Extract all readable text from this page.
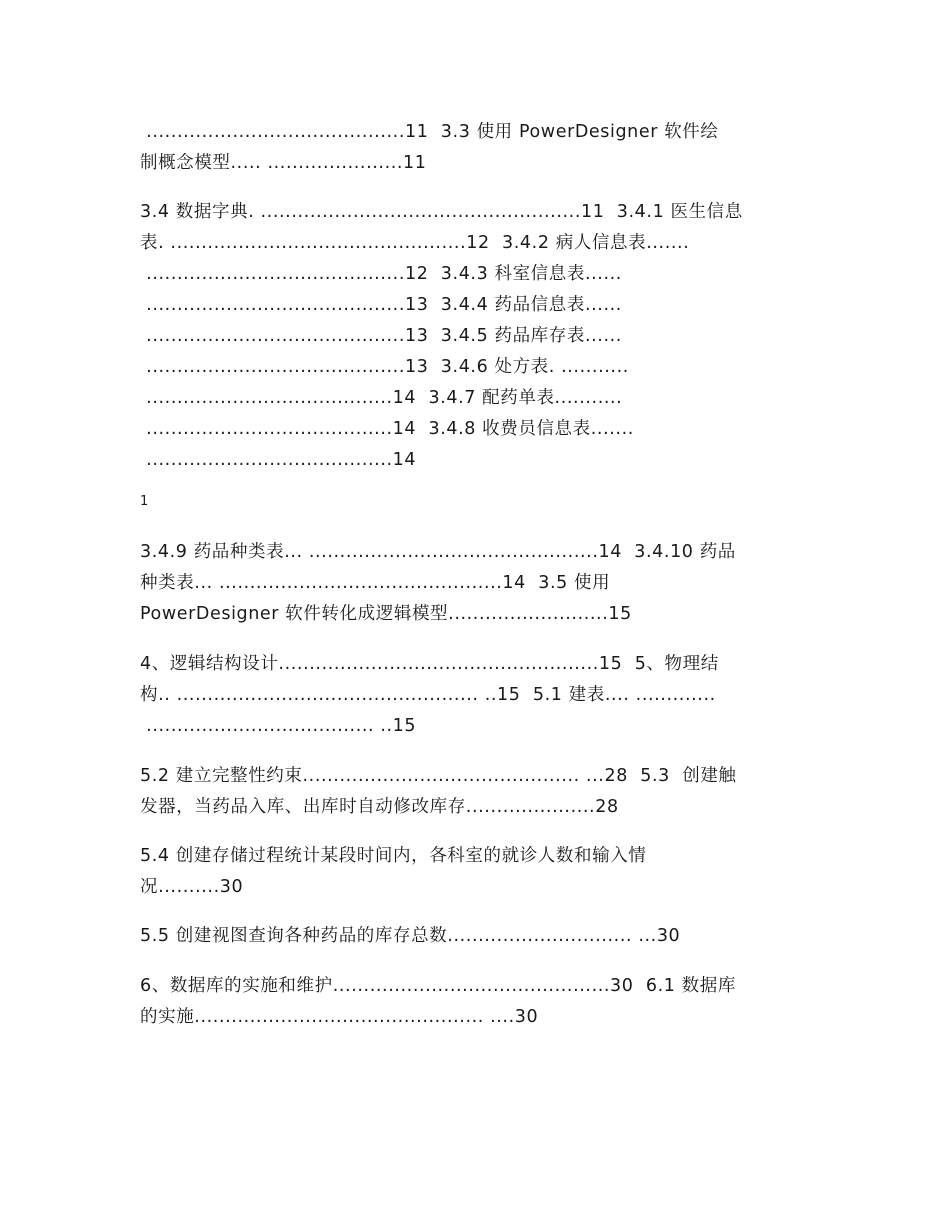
..........................................11  3.3 使用 PowerDesigner 软件绘
制概念模型..... ......................11
3.4 数据字典. ....................................................11  3.4.1 医生信息
表. ................................................12  3.4.2 病人信息表.......
..........................................12  3.4.3 科室信息表......
..........................................13  3.4.4 药品信息表......
..........................................13  3.4.5 药品库存表......
..........................................13  3.4.6 处方表. ...........
........................................14  3.4.7 配药单表...........
........................................14  3.4.8 收费员信息表.......
........................................14
1
3.4.9 药品种类表... ...............................................14  3.4.10 药品
种类表... ..............................................14  3.5 使用
PowerDesigner 软件转化成逻辑模型..........................15
4、逻辑结构设计....................................................15  5、物理结
构.. ................................................. ..15  5.1 建表.... .............
..................................... ..15
5.2 建立完整性约束............................................. ...28  5.3  创建触
发器，当药品入库、出库时自动修改库存.....................28
5.4 创建存储过程统计某段时间内，各科室的就诊人数和输入情
况..........30
5.5 创建视图查询各种药品的库存总数.............................. ...30
6、数据库的实施和维护.............................................30  6.1 数据库
的实施............................................... ....30
